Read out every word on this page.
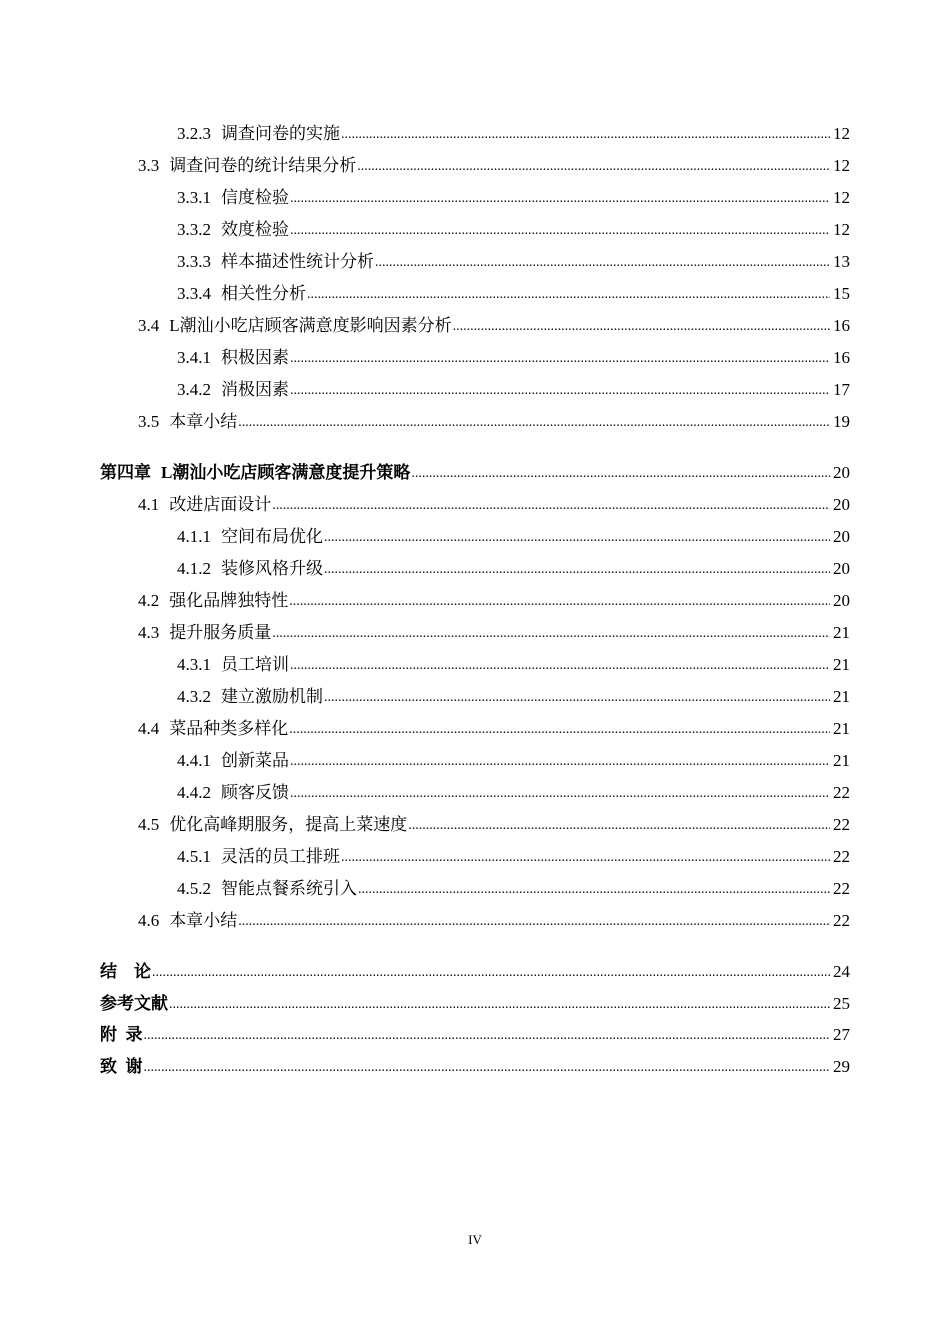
3.2.3 调查问卷的实施 .....	12
3.3 调查问卷的统计结果分析 .....	12
3.3.1 信度检验 .....	12
3.3.2 效度检验 .....	12
3.3.3 样本描述性统计分析 .....	13
3.3.4 相关性分析 .....	15
3.4 L潮汕小吃店顾客满意度影响因素分析 .....	16
3.4.1 积极因素 .....	16
3.4.2 消极因素 .....	17
3.5 本章小结 .....	19
第四章 L潮汕小吃店顾客满意度提升策略 .....	20
4.1 改进店面设计 .....	20
4.1.1 空间布局优化 .....	20
4.1.2 装修风格升级 .....	20
4.2 强化品牌独特性 .....	20
4.3 提升服务质量 .....	21
4.3.1 员工培训 .....	21
4.3.2 建立激励机制 .....	21
4.4 菜品种类多样化 .....	21
4.4.1 创新菜品 .....	21
4.4.2 顾客反馈 .....	22
4.5 优化高峰期服务，提高上菜速度 .....	22
4.5.1 灵活的员工排班 .....	22
4.5.2 智能点餐系统引入 .....	22
4.6 本章小结 .....	22
结　论 .....	24
参考文献 .....	25
附  录 .....	27
致  谢 .....	29
IV
